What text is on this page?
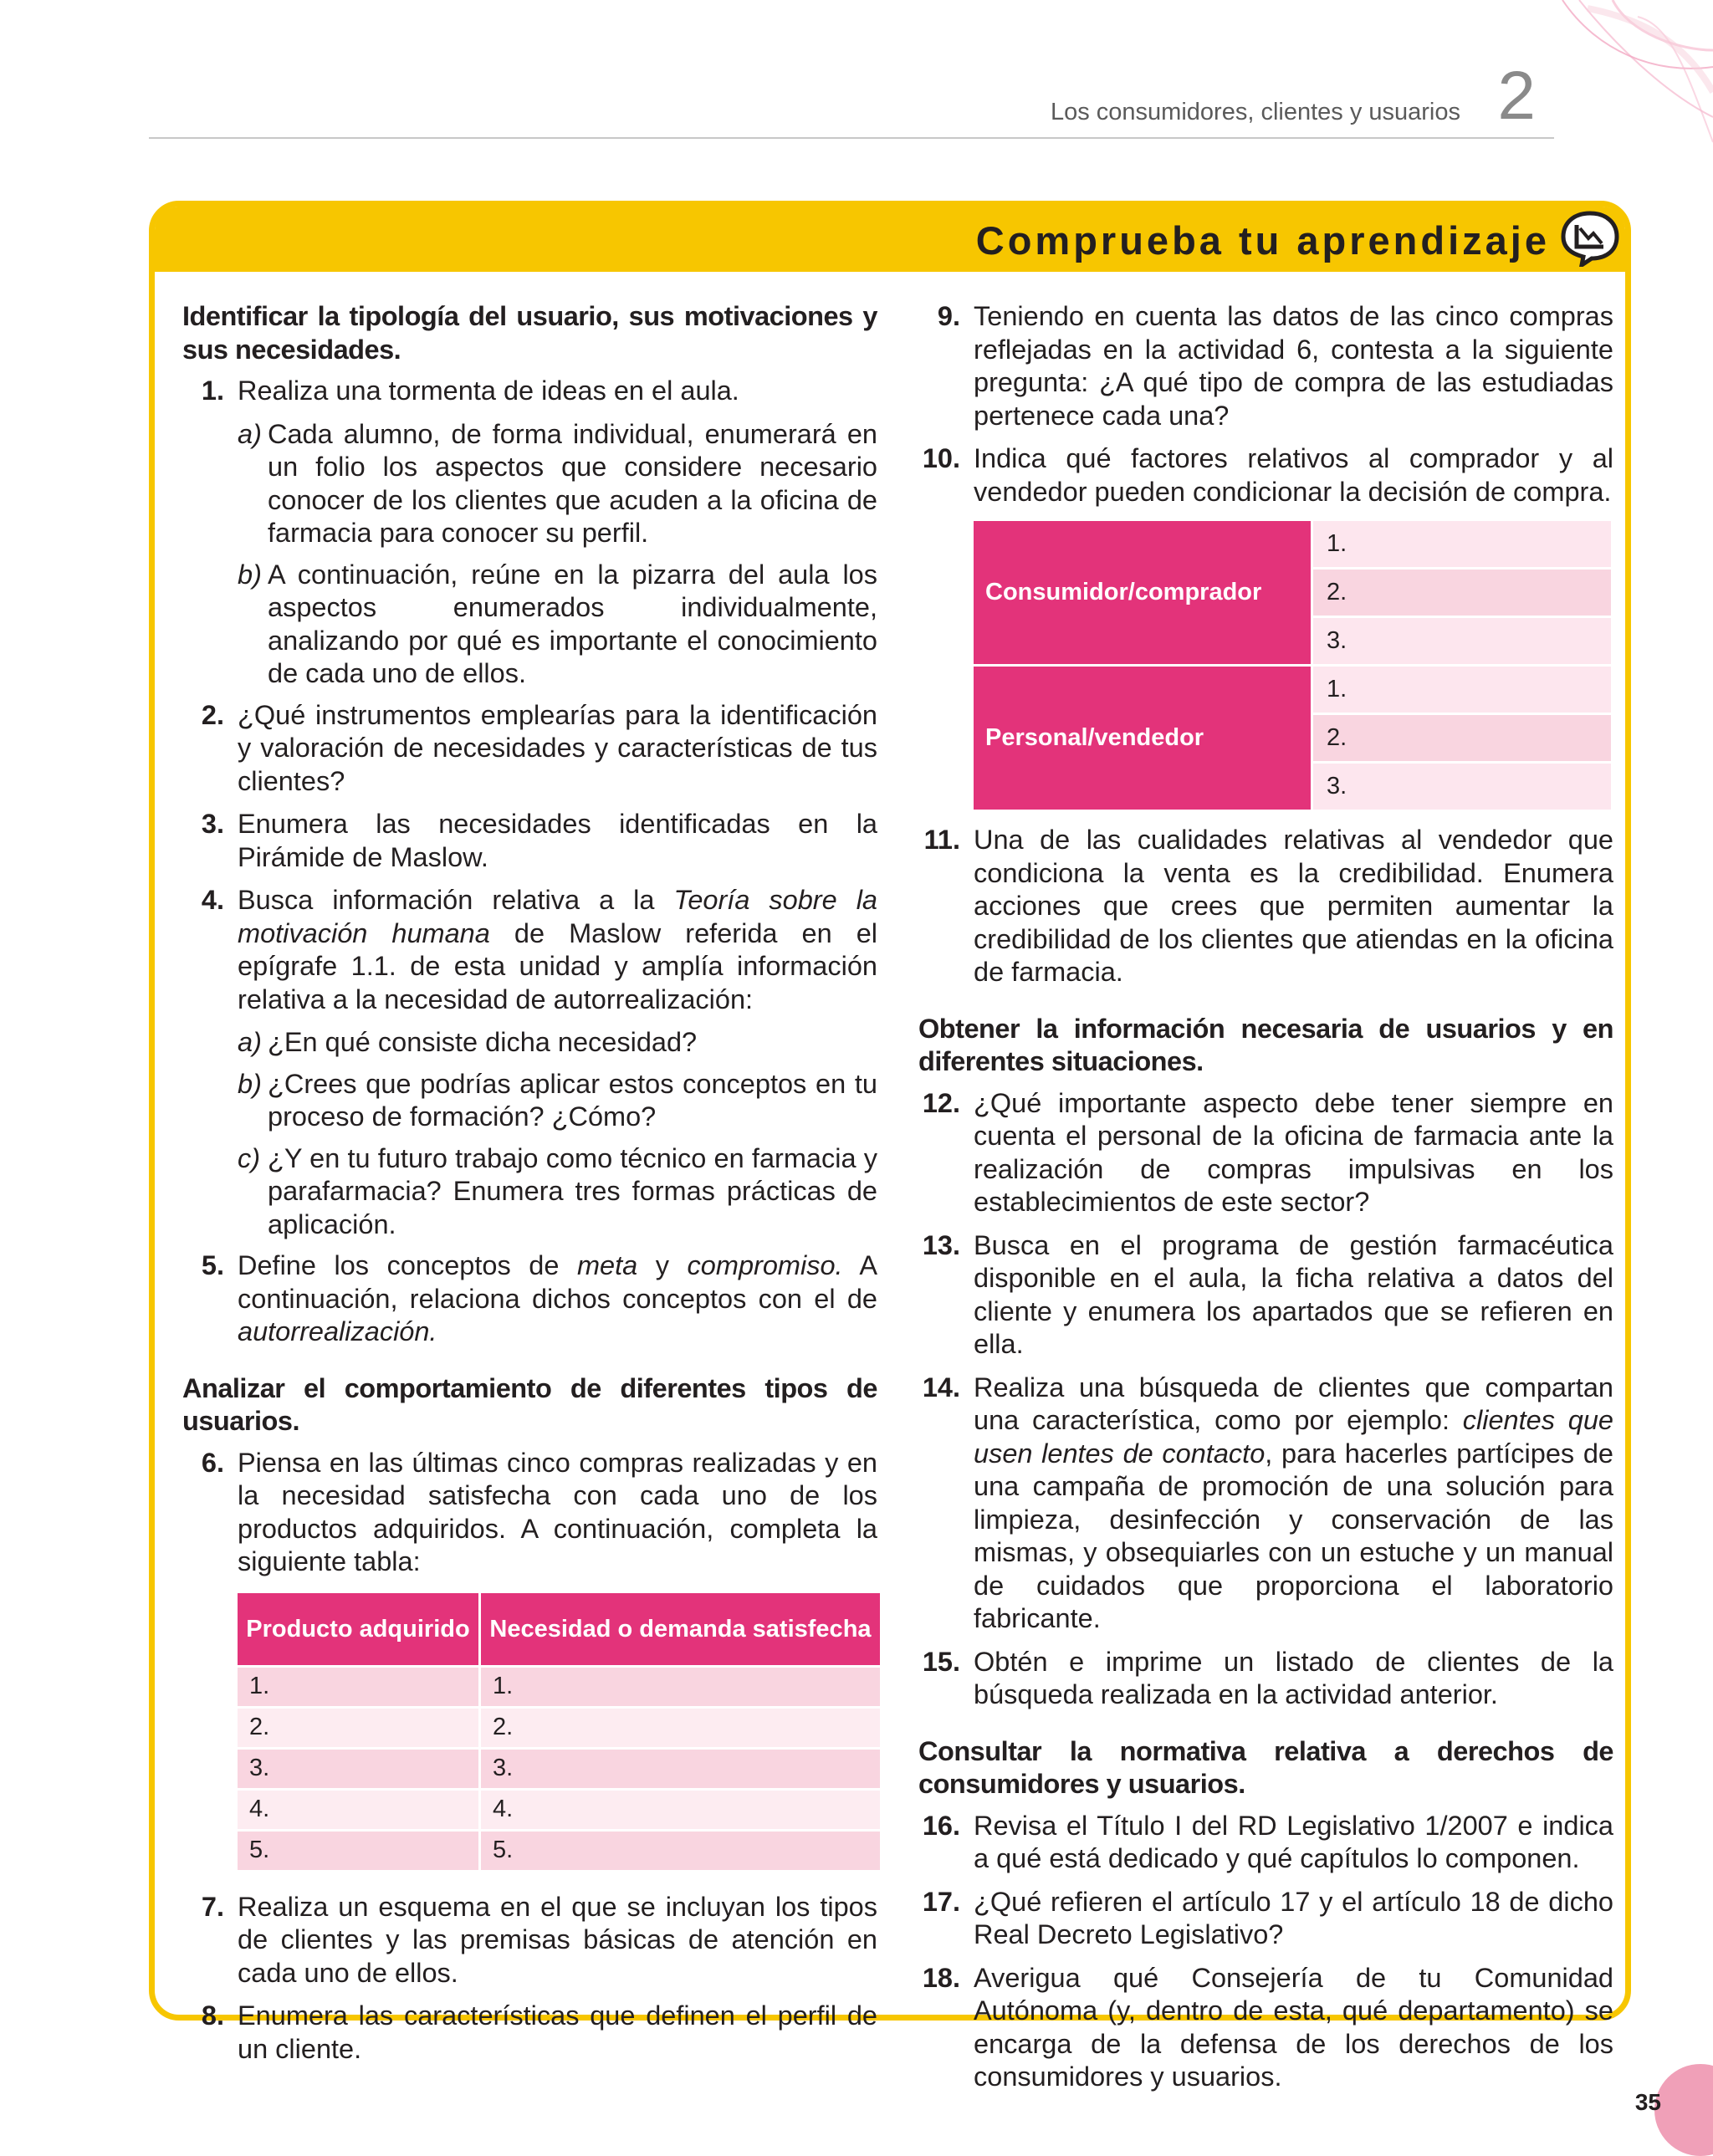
Los consumidores, clientes y usuarios 2
Comprueba tu aprendizaje
Identificar la tipología del usuario, sus motivaciones y sus necesidades.
1. Realiza una tormenta de ideas en el aula.
a) Cada alumno, de forma individual, enumerará en un folio los aspectos que considere necesario conocer de los clientes que acuden a la oficina de farmacia para conocer su perfil.
b) A continuación, reúne en la pizarra del aula los aspectos enumerados individualmente, analizando por qué es importante el conocimiento de cada uno de ellos.
2. ¿Qué instrumentos emplearías para la identificación y valoración de necesidades y características de tus clientes?
3. Enumera las necesidades identificadas en la Pirámide de Maslow.
4. Busca información relativa a la Teoría sobre la motivación humana de Maslow referida en el epígrafe 1.1. de esta unidad y amplía información relativa a la necesidad de autorrealización:
a) ¿En qué consiste dicha necesidad?
b) ¿Crees que podrías aplicar estos conceptos en tu proceso de formación? ¿Cómo?
c) ¿Y en tu futuro trabajo como técnico en farmacia y parafarmacia? Enumera tres formas prácticas de aplicación.
5. Define los conceptos de meta y compromiso. A continuación, relaciona dichos conceptos con el de autorrealización.
Analizar el comportamiento de diferentes tipos de usuarios.
6. Piensa en las últimas cinco compras realizadas y en la necesidad satisfecha con cada uno de los productos adquiridos. A continuación, completa la siguiente tabla:
Producto adquirido	Necesidad o demanda satisfecha
1.	1.
2.	2.
3.	3.
4.	4.
5.	5.
7. Realiza un esquema en el que se incluyan los tipos de clientes y las premisas básicas de atención en cada uno de ellos.
8. Enumera las características que definen el perfil de un cliente.
9. Teniendo en cuenta las datos de las cinco compras reflejadas en la actividad 6, contesta a la siguiente pregunta: ¿A qué tipo de compra de las estudiadas pertenece cada una?
10. Indica qué factores relativos al comprador y al vendedor pueden condicionar la decisión de compra.
Consumidor/comprador	1.
	2.
	3.
Personal/vendedor	1.
	2.
	3.
11. Una de las cualidades relativas al vendedor que condiciona la venta es la credibilidad. Enumera acciones que crees que permiten aumentar la credibilidad de los clientes que atiendas en la oficina de farmacia.
Obtener la información necesaria de usuarios y en diferentes situaciones.
12. ¿Qué importante aspecto debe tener siempre en cuenta el personal de la oficina de farmacia ante la realización de compras impulsivas en los establecimientos de este sector?
13. Busca en el programa de gestión farmacéutica disponible en el aula, la ficha relativa a datos del cliente y enumera los apartados que se refieren en ella.
14. Realiza una búsqueda de clientes que compartan una característica, como por ejemplo: clientes que usen lentes de contacto, para hacerles partícipes de una campaña de promoción de una solución para limpieza, desinfección y conservación de las mismas, y obsequiarles con un estuche y un manual de cuidados que proporciona el laboratorio fabricante.
15. Obtén e imprime un listado de clientes de la búsqueda realizada en la actividad anterior.
Consultar la normativa relativa a derechos de consumidores y usuarios.
16. Revisa el Título I del RD Legislativo 1/2007 e indica a qué está dedicado y qué capítulos lo componen.
17. ¿Qué refieren el artículo 17 y el artículo 18 de dicho Real Decreto Legislativo?
18. Averigua qué Consejería de tu Comunidad Autónoma (y, dentro de esta, qué departamento) se encarga de la defensa de los derechos de los consumidores y usuarios.
35
